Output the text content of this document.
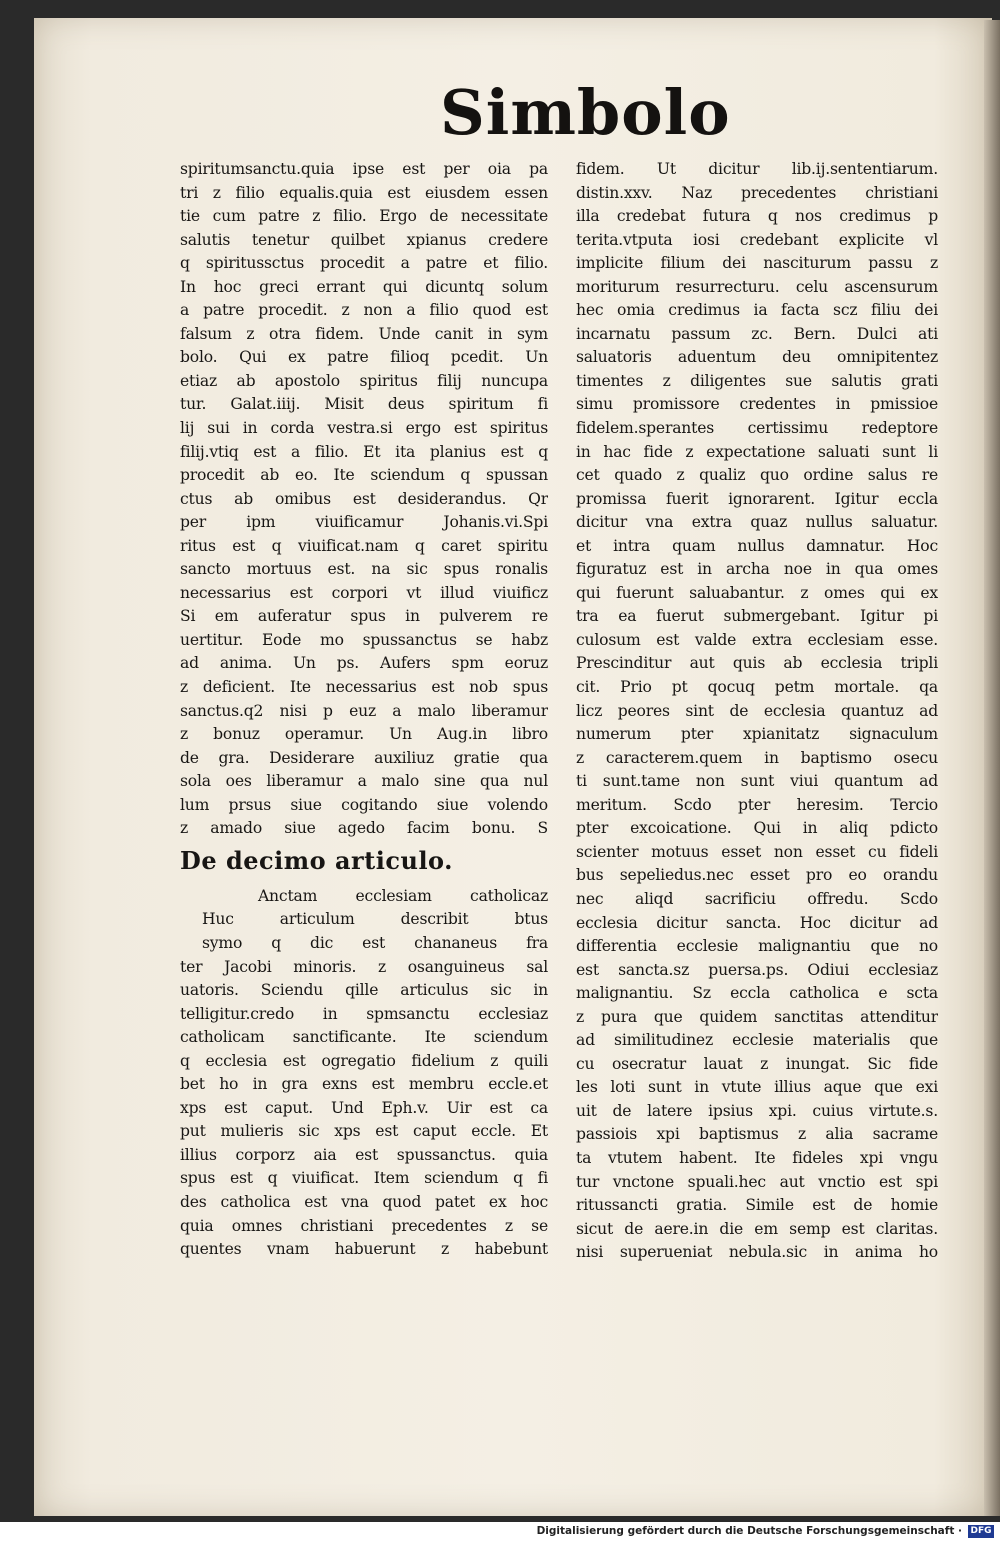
Simbolo
spiritumsanctu.quia ipse est per oia pa
tri z filio equalis.quia est eiusdem essen
tie cum patre z filio. Ergo de necessitate
salutis tenetur quilbet xpianus credere
q spiritussctus procedit a patre et filio.
In hoc greci errant qui dicuntq solum
a patre procedit. z non a filio quod est
falsum z otra fidem. Unde canit in sym
bolo. Qui ex patre filioq pcedit. Un
etiaz ab apostolo spiritus filij nuncupa
tur. Galat.iiij. Misit deus spiritum fi
lij sui in corda vestra.si ergo est spiritus
filij.vtiq est a filio. Et ita planius est q
procedit ab eo. Ite sciendum q spussan
ctus ab omibus est desiderandus. Qr
per ipm viuificamur Johanis.vi.Spi
ritus est q viuificat.nam q caret spiritu
sancto mortuus est. na sic spus ronalis
necessarius est corpori vt illud viuificz
Si em auferatur spus in pulverem re
uertitur. Eode mo spussanctus se habz
ad anima. Un ps. Aufers spm eoruz
z deficient. Ite necessarius est nob spus
sanctus.q2 nisi p euz a malo liberamur
z bonuz operamur. Un Aug.in libro
de gra. Desiderare auxiliuz gratie qua
sola oes liberamur a malo sine qua nul
lum prsus siue cogitando siue volendo
z amado siue agedo facim bonu. S
De decimo articulo.
Anctam ecclesiam catholicaz
Huc articulum describit btus
symo q dic est chananeus fra
ter Jacobi minoris. z osanguineus sal
uatoris. Sciendu qille articulus sic in
telligitur.credo in spmsanctu ecclesiaz
catholicam sanctificante. Ite sciendum
q ecclesia est ogregatio fidelium z quili
bet ho in gra exns est membru eccle.et
xps est caput. Und Eph.v. Uir est ca
put mulieris sic xps est caput eccle. Et
illius corporz aia est spussanctus. quia
spus est q viuificat. Item sciendum q fi
des catholica est vna quod patet ex hoc
quia omnes christiani precedentes z se
quentes vnam habuerunt z habebunt
fidem. Ut dicitur lib.ij.sententiarum.
distin.xxv. Naz precedentes christiani
illa credebat futura q nos credimus p
terita.vtputa iosi credebant explicite vl
implicite filium dei nasciturum passu z
moriturum resurrecturu. celu ascensurum
hec omia credimus ia facta scz filiu dei
incarnatu passum zc. Bern. Dulci ati
saluatoris aduentum deu omnipitentez
timentes z diligentes sue salutis grati
simu promissore credentes in pmissioe
fidelem.sperantes certissimu redeptore
in hac fide z expectatione saluati sunt li
cet quado z qualiz quo ordine salus re
promissa fuerit ignorarent. Igitur eccla
dicitur vna extra quaz nullus saluatur.
et intra quam nullus damnatur. Hoc
figuratuz est in archa noe in qua omes
qui fuerunt saluabantur. z omes qui ex
tra ea fuerut submergebant. Igitur pi
culosum est valde extra ecclesiam esse.
Prescinditur aut quis ab ecclesia tripli
cit. Prio pt qocuq petm mortale. qa
licz peores sint de ecclesia quantuz ad
numerum pter xpianitatz signaculum
z caracterem.quem in baptismo osecu
ti sunt.tame non sunt viui quantum ad
meritum. Scdo pter heresim. Tercio
pter excoicatione. Qui in aliq pdicto
scienter motuus esset non esset cu fideli
bus sepeliedus.nec esset pro eo orandu
nec aliqd sacrificiu offredu. Scdo
ecclesia dicitur sancta. Hoc dicitur ad
differentia ecclesie malignantiu que no
est sancta.sz puersa.ps. Odiui ecclesiaz
malignantiu. Sz eccla catholica e scta
z pura que quidem sanctitas attenditur
ad similitudinez ecclesie materialis que
cu osecratur lauat z inungat. Sic fide
les loti sunt in vtute illius aque que exi
uit de latere ipsius xpi. cuius virtute.s.
passiois xpi baptismus z alia sacrame
ta vtutem habent. Ite fideles xpi vngu
tur vnctone spuali.hec aut vnctio est spi
ritussancti gratia. Simile est de homie
sicut de aere.in die em semp est claritas.
nisi superueniat nebula.sic in anima ho
Digitalisierung gefördert durch die Deutsche Forschungsgemeinschaft · DFG
